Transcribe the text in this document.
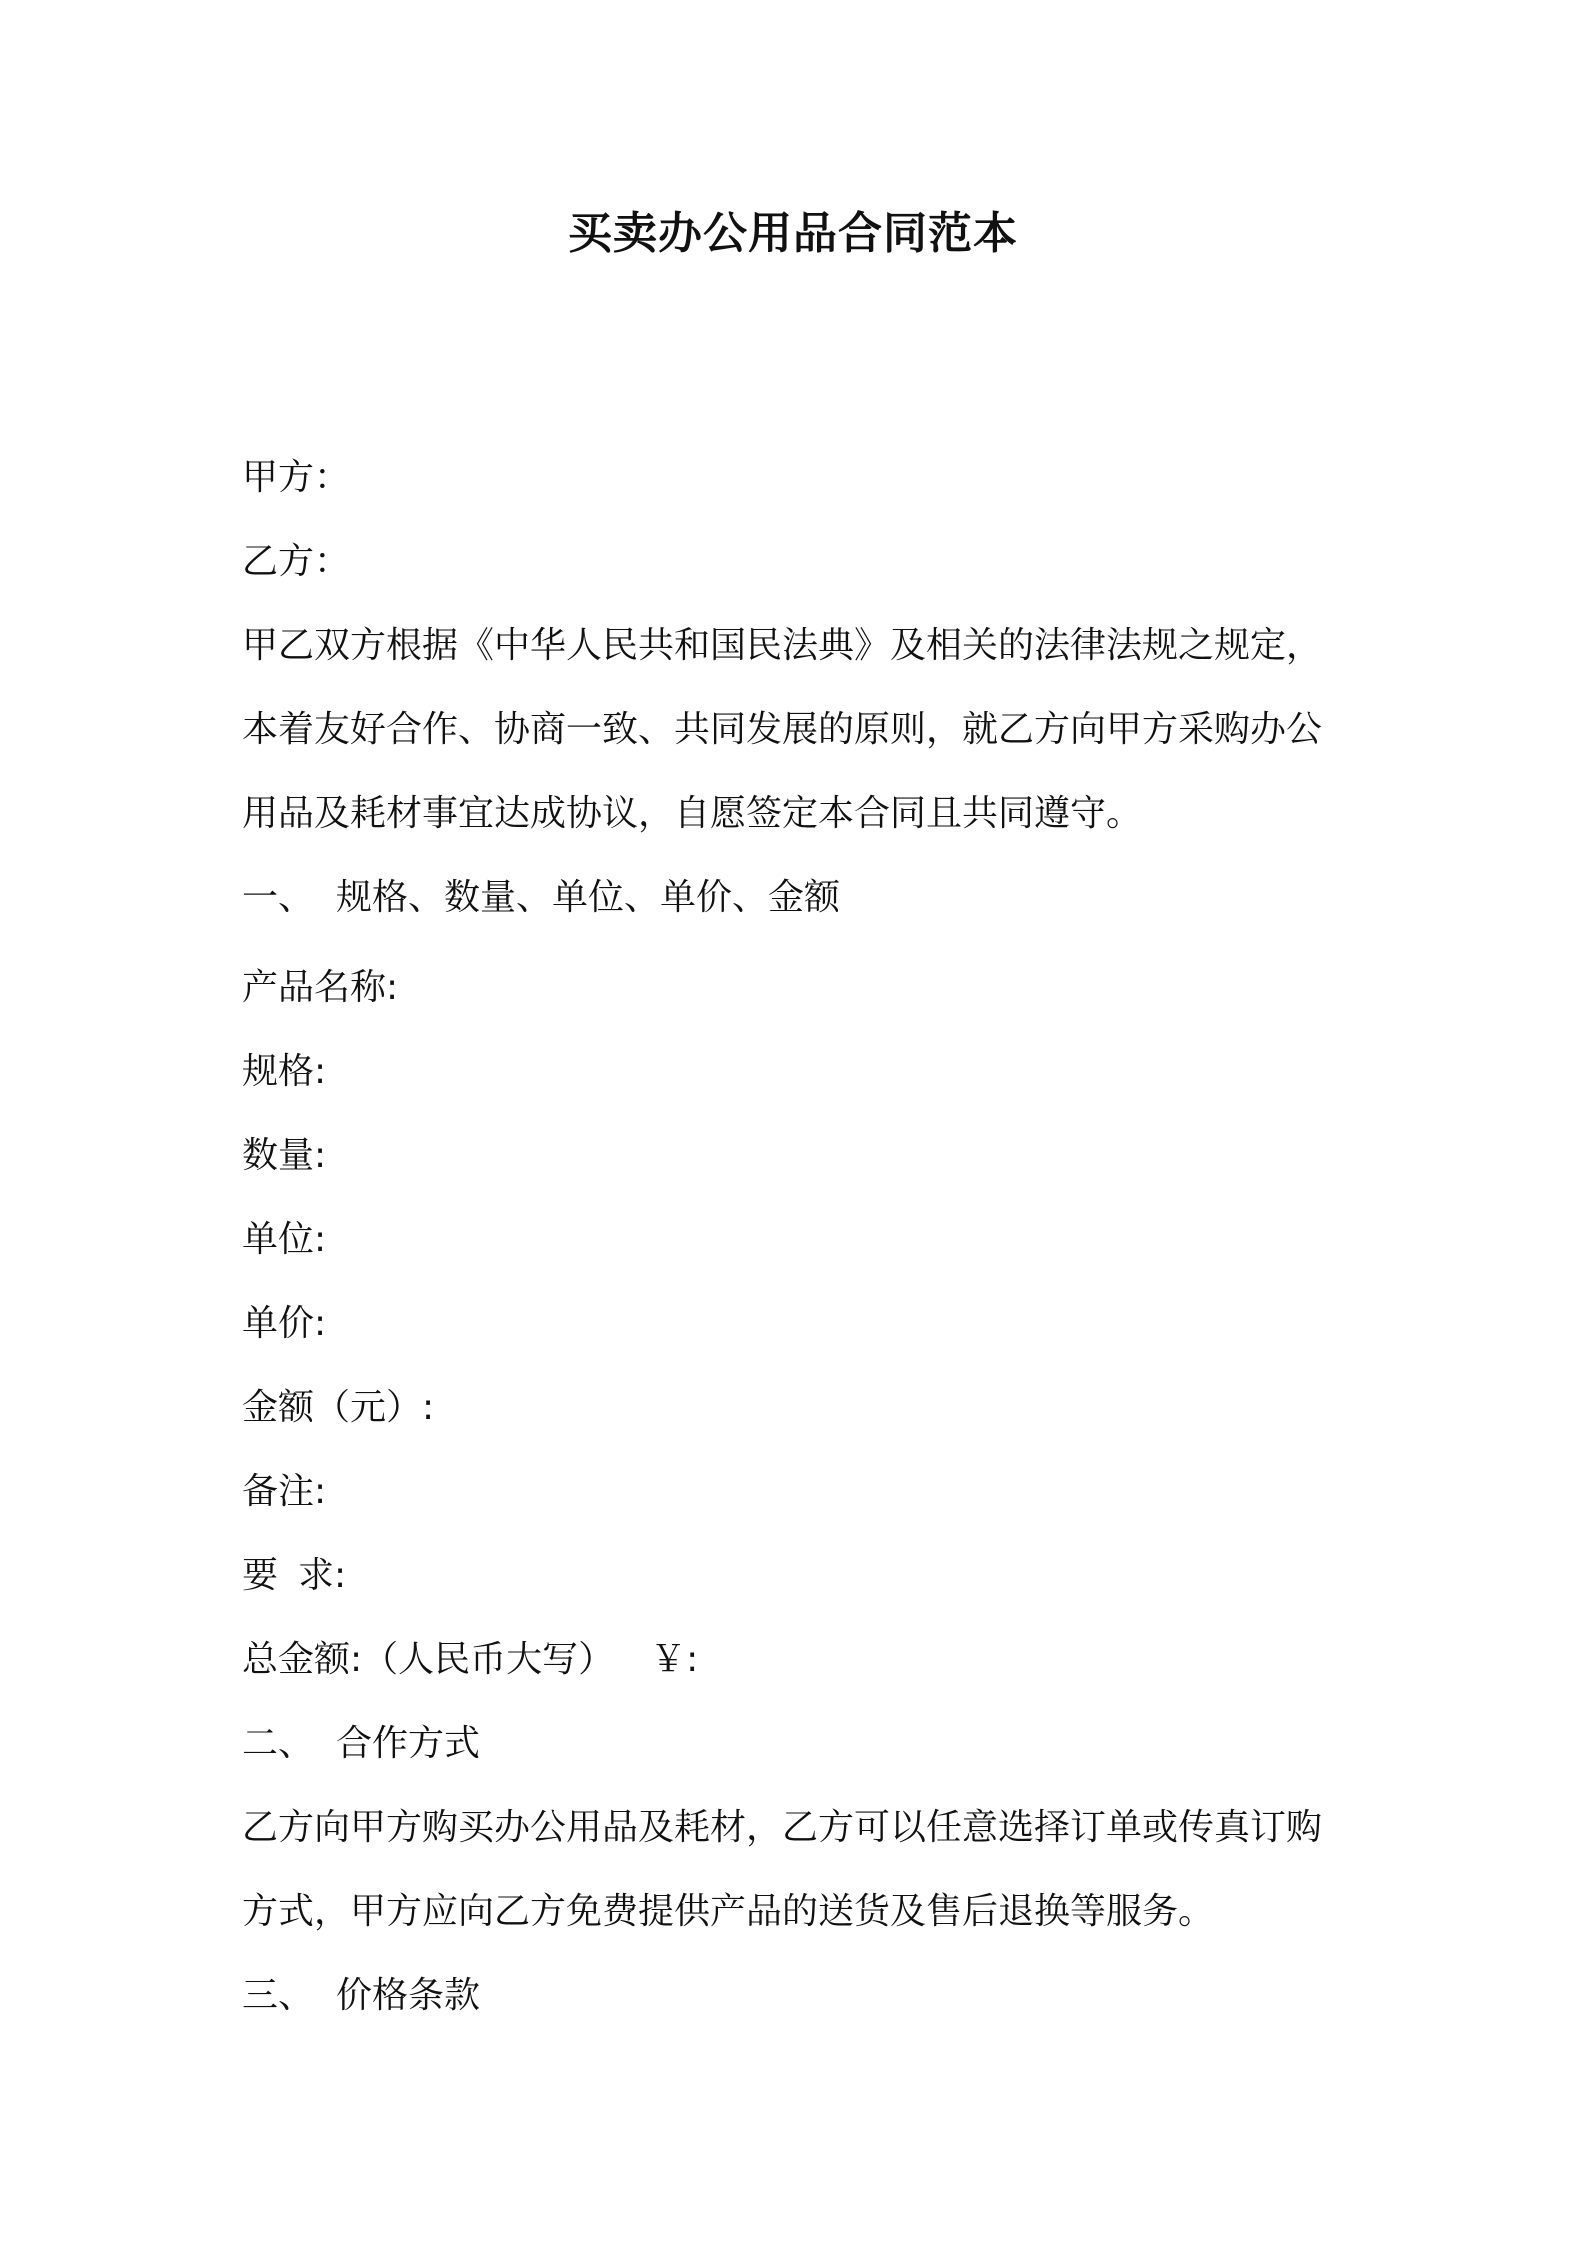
买卖办公用品合同范本

甲方：

乙方：

甲乙双方根据《中华人民共和国民法典》及相关的法律法规之规定，

本着友好合作、协商一致、共同发展的原则，就乙方向甲方采购办公

用品及耗材事宜达成协议，自愿签定本合同且共同遵守。

一、 规格、数量、单位、单价、金额

产品名称:

规格:

数量:

单位:

单价:

金额（元）:

备注:

要 求:

总金额:（人民币大写） ￥:

二、 合作方式

乙方向甲方购买办公用品及耗材，乙方可以任意选择订单或传真订购

方式，甲方应向乙方免费提供产品的送货及售后退换等服务。

三、 价格条款
